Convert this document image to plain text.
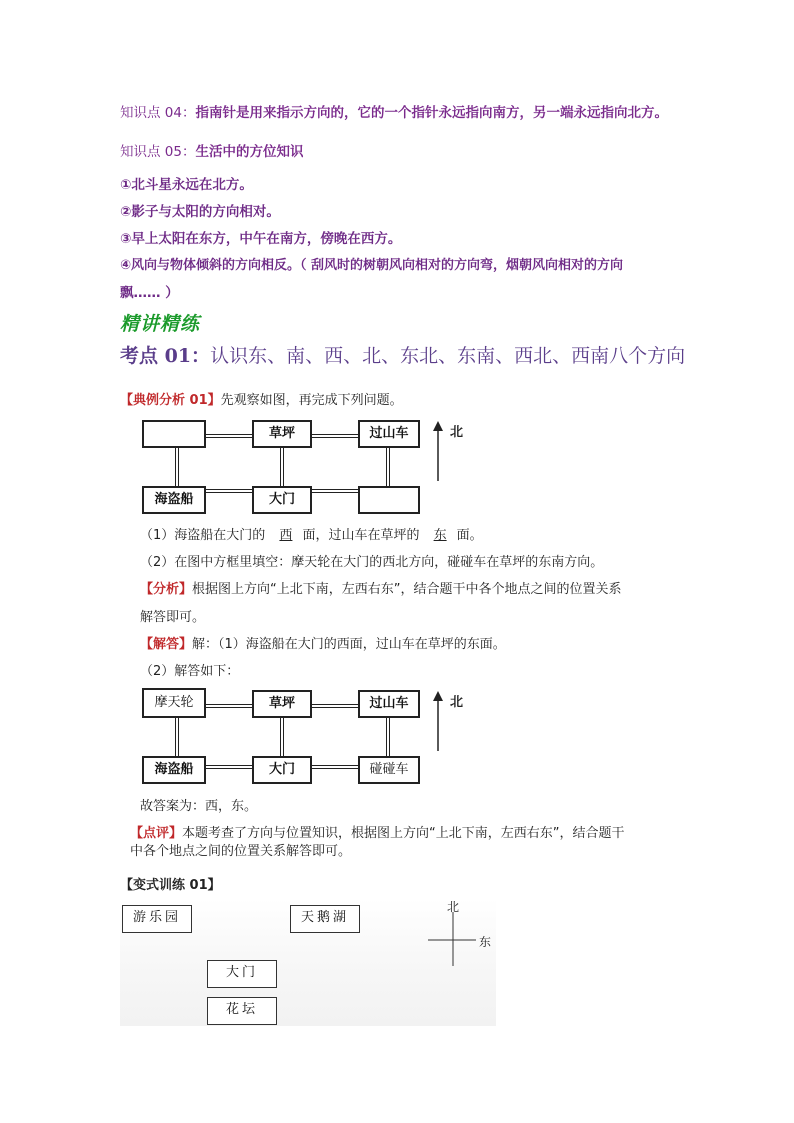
知识点 04：指南针是用来指示方向的，它的一个指针永远指向南方，另一端永远指向北方。
知识点 05：生活中的方位知识
①北斗星永远在北方。
②影子与太阳的方向相对。
③早上太阳在东方，中午在南方，傍晚在西方。
④风向与物体倾斜的方向相反。（ 刮风时的树朝风向相对的方向弯，烟朝风向相对的方向
飘…… ）
精讲精练
考点 01：认识东、南、西、北、东北、东南、西北、西南八个方向
【典例分析 01】先观察如图，再完成下列问题。
草坪	过山车
海盗船	大门
北
（1）海盗船在大门的 西 面，过山车在草坪的 东 面。
（2）在图中方框里填空：摩天轮在大门的西北方向，碰碰车在草坪的东南方向。
【分析】根据图上方向“上北下南，左西右东”，结合题干中各个地点之间的位置关系
解答即可。
【解答】解：（1）海盗船在大门的西面，过山车在草坪的东面。
（2）解答如下：
摩天轮	草坪	过山车
海盗船	大门	碰碰车
北
故答案为：西，东。
【点评】本题考查了方向与位置知识，根据图上方向“上北下南，左西右东”，结合题干
中各个地点之间的位置关系解答即可。
【变式训练 01】
游乐园	天鹅湖
大门
花坛
北
东
